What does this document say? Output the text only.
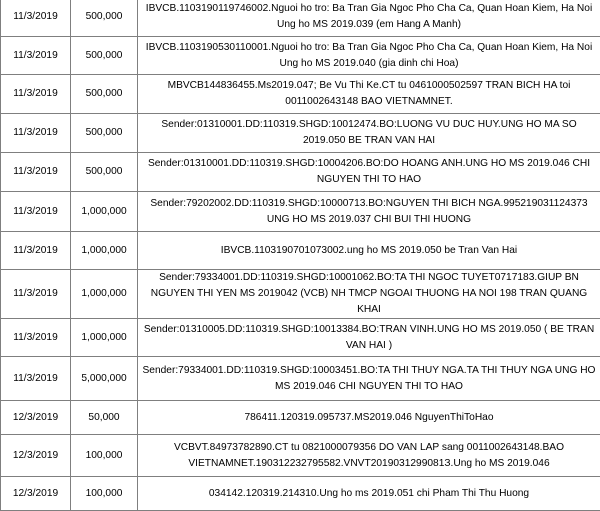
11/3/2019	500,000	IBVCB.1103190119746002.Nguoi ho tro: Ba Tran Gia Ngoc Pho Cha Ca, Quan Hoan Kiem, Ha Noi Ung ho MS 2019.039 (em Hang A Manh)
11/3/2019	500,000	IBVCB.1103190530110001.Nguoi ho tro: Ba Tran Gia Ngoc Pho Cha Ca, Quan Hoan Kiem, Ha Noi Ung ho MS 2019.040 (gia dinh chi Hoa)
11/3/2019	500,000	MBVCB144836455.Ms2019.047; Be Vu Thi Ke.CT tu 0461000502597 TRAN BICH HA toi 0011002643148 BAO VIETNAMNET.
11/3/2019	500,000	Sender:01310001.DD:110319.SHGD:10012474.BO:LUONG VU DUC HUY.UNG HO MA SO 2019.050 BE TRAN VAN HAI
11/3/2019	500,000	Sender:01310001.DD:110319.SHGD:10004206.BO:DO HOANG ANH.UNG HO MS 2019.046 CHI NGUYEN THI TO HAO
11/3/2019	1,000,000	Sender:79202002.DD:110319.SHGD:10000713.BO:NGUYEN THI BICH NGA.995219031124373 UNG HO MS 2019.037 CHI BUI THI HUONG
11/3/2019	1,000,000	IBVCB.1103190701073002.ung ho MS 2019.050 be Tran Van Hai
11/3/2019	1,000,000	Sender:79334001.DD:110319.SHGD:10001062.BO:TA THI NGOC TUYET0717183.GIUP BN NGUYEN THI YEN MS 2019042 (VCB) NH TMCP NGOAI THUONG HA NOI 198 TRAN QUANG KHAI
11/3/2019	1,000,000	Sender:01310005.DD:110319.SHGD:10013384.BO:TRAN VINH.UNG HO MS 2019.050 ( BE TRAN VAN HAI )
11/3/2019	5,000,000	Sender:79334001.DD:110319.SHGD:10003451.BO:TA THI THUY NGA.TA THI THUY NGA UNG HO MS 2019.046 CHI NGUYEN THI TO HAO
12/3/2019	50,000	786411.120319.095737.MS2019.046 NguyenThiToHao
12/3/2019	100,000	VCBVT.84973782890.CT tu 0821000079356 DO VAN LAP sang 0011002643148.BAO VIETNAMNET.190312232795582.VNVT2019031299081З.Ung ho MS 2019.046
12/3/2019	100,000	034142.120319.214310.Ung ho ms 2019.051 chi Pham Thi Thu Huong
